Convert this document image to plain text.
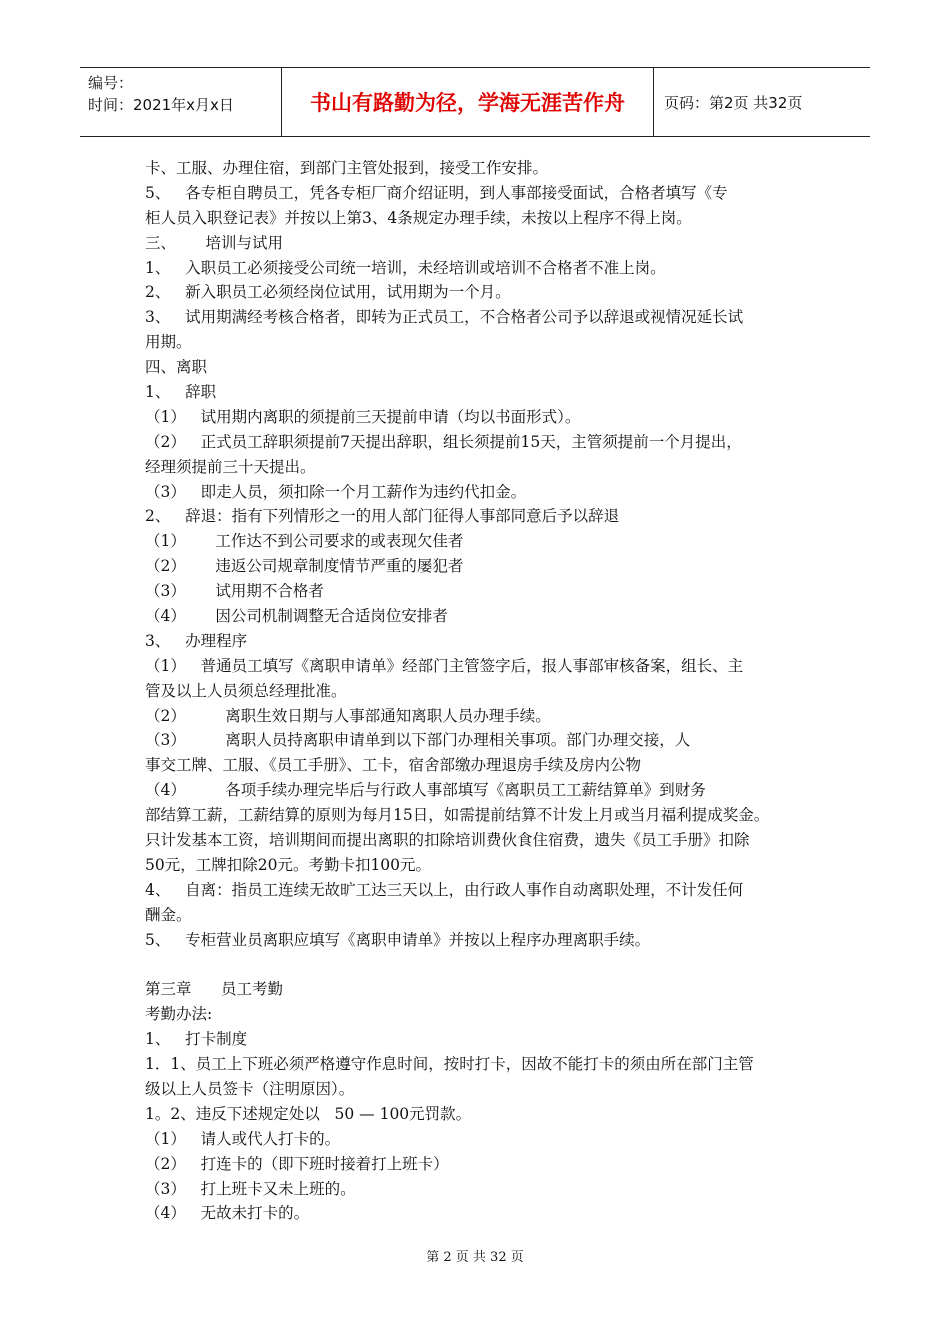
编号：
时间：2021年x月x日	书山有路勤为径，学海无涯苦作舟	页码：第2页 共32页
卡、工服、办理住宿，到部门主管处报到，接受工作安排。
5、   各专柜自聘员工，凭各专柜厂商介绍证明，到人事部接受面试，合格者填写《专
柜人员入职登记表》并按以上第3、4条规定办理手续，未按以上程序不得上岗。
三、      培训与试用
1、   入职员工必须接受公司统一培训，未经培训或培训不合格者不准上岗。
2、   新入职员工必须经岗位试用，试用期为一个月。
3、   试用期满经考核合格者，即转为正式员工，不合格者公司予以辞退或视情况延长试
用期。
四、离职
1、   辞职
（1）   试用期内离职的须提前三天提前申请（均以书面形式）。
（2）   正式员工辞职须提前7天提出辞职，组长须提前15天，主管须提前一个月提出，
经理须提前三十天提出。
（3）   即走人员，须扣除一个月工薪作为违约代扣金。
2、   辞退：指有下列情形之一的用人部门征得人事部同意后予以辞退
（1）      工作达不到公司要求的或表现欠佳者
（2）      违返公司规章制度情节严重的屡犯者
（3）      试用期不合格者
（4）      因公司机制调整无合适岗位安排者
3、   办理程序
（1）   普通员工填写《离职申请单》经部门主管签字后，报人事部审核备案，组长、主
管及以上人员须总经理批准。
（2）        离职生效日期与人事部通知离职人员办理手续。
（3）        离职人员持离职申请单到以下部门办理相关事项。部门办理交接，人
事交工牌、工服、《员工手册》、工卡，宿舍部缴办理退房手续及房内公物
（4）        各项手续办理完毕后与行政人事部填写《离职员工工薪结算单》到财务
部结算工薪，工薪结算的原则为每月15日，如需提前结算不计发上月或当月福利提成奖金。
只计发基本工资，培训期间而提出离职的扣除培训费伙食住宿费，遗失《员工手册》扣除
50元，工牌扣除20元。考勤卡扣100元。
4、   自离：指员工连续无故旷工达三天以上，由行政人事作自动离职处理，不计发任何
酬金。
5、   专柜营业员离职应填写《离职申请单》并按以上程序办理离职手续。
第三章      员工考勤
考勤办法:
1、   打卡制度
1．1、员工上下班必须严格遵守作息时间，按时打卡，因故不能打卡的须由所在部门主管
级以上人员签卡（注明原因）。
1。2、违反下述规定处以   50 — 100元罚款。
（1）   请人或代人打卡的。
（2）   打连卡的（即下班时接着打上班卡）
（3）   打上班卡又未上班的。
（4）   无故未打卡的。
第 2 页 共 32 页
